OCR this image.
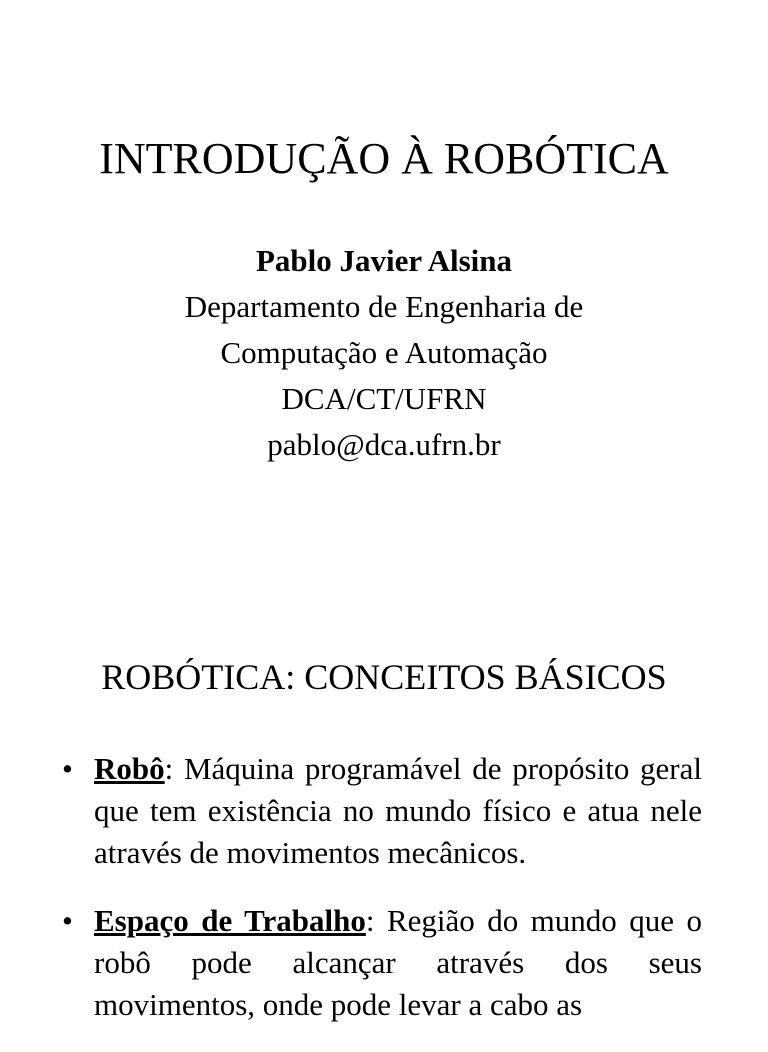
INTRODUÇÃO À ROBÓTICA
Pablo Javier Alsina
Departamento de Engenharia de
Computação e Automação
DCA/CT/UFRN
pablo@dca.ufrn.br
ROBÓTICA: CONCEITOS BÁSICOS
• Robô: Máquina programável de propósito geral que tem existência no mundo físico e atua nele através de movimentos mecânicos.
• Espaço de Trabalho: Região do mundo que o robô pode alcançar através dos seus movimentos, onde pode levar a cabo as
